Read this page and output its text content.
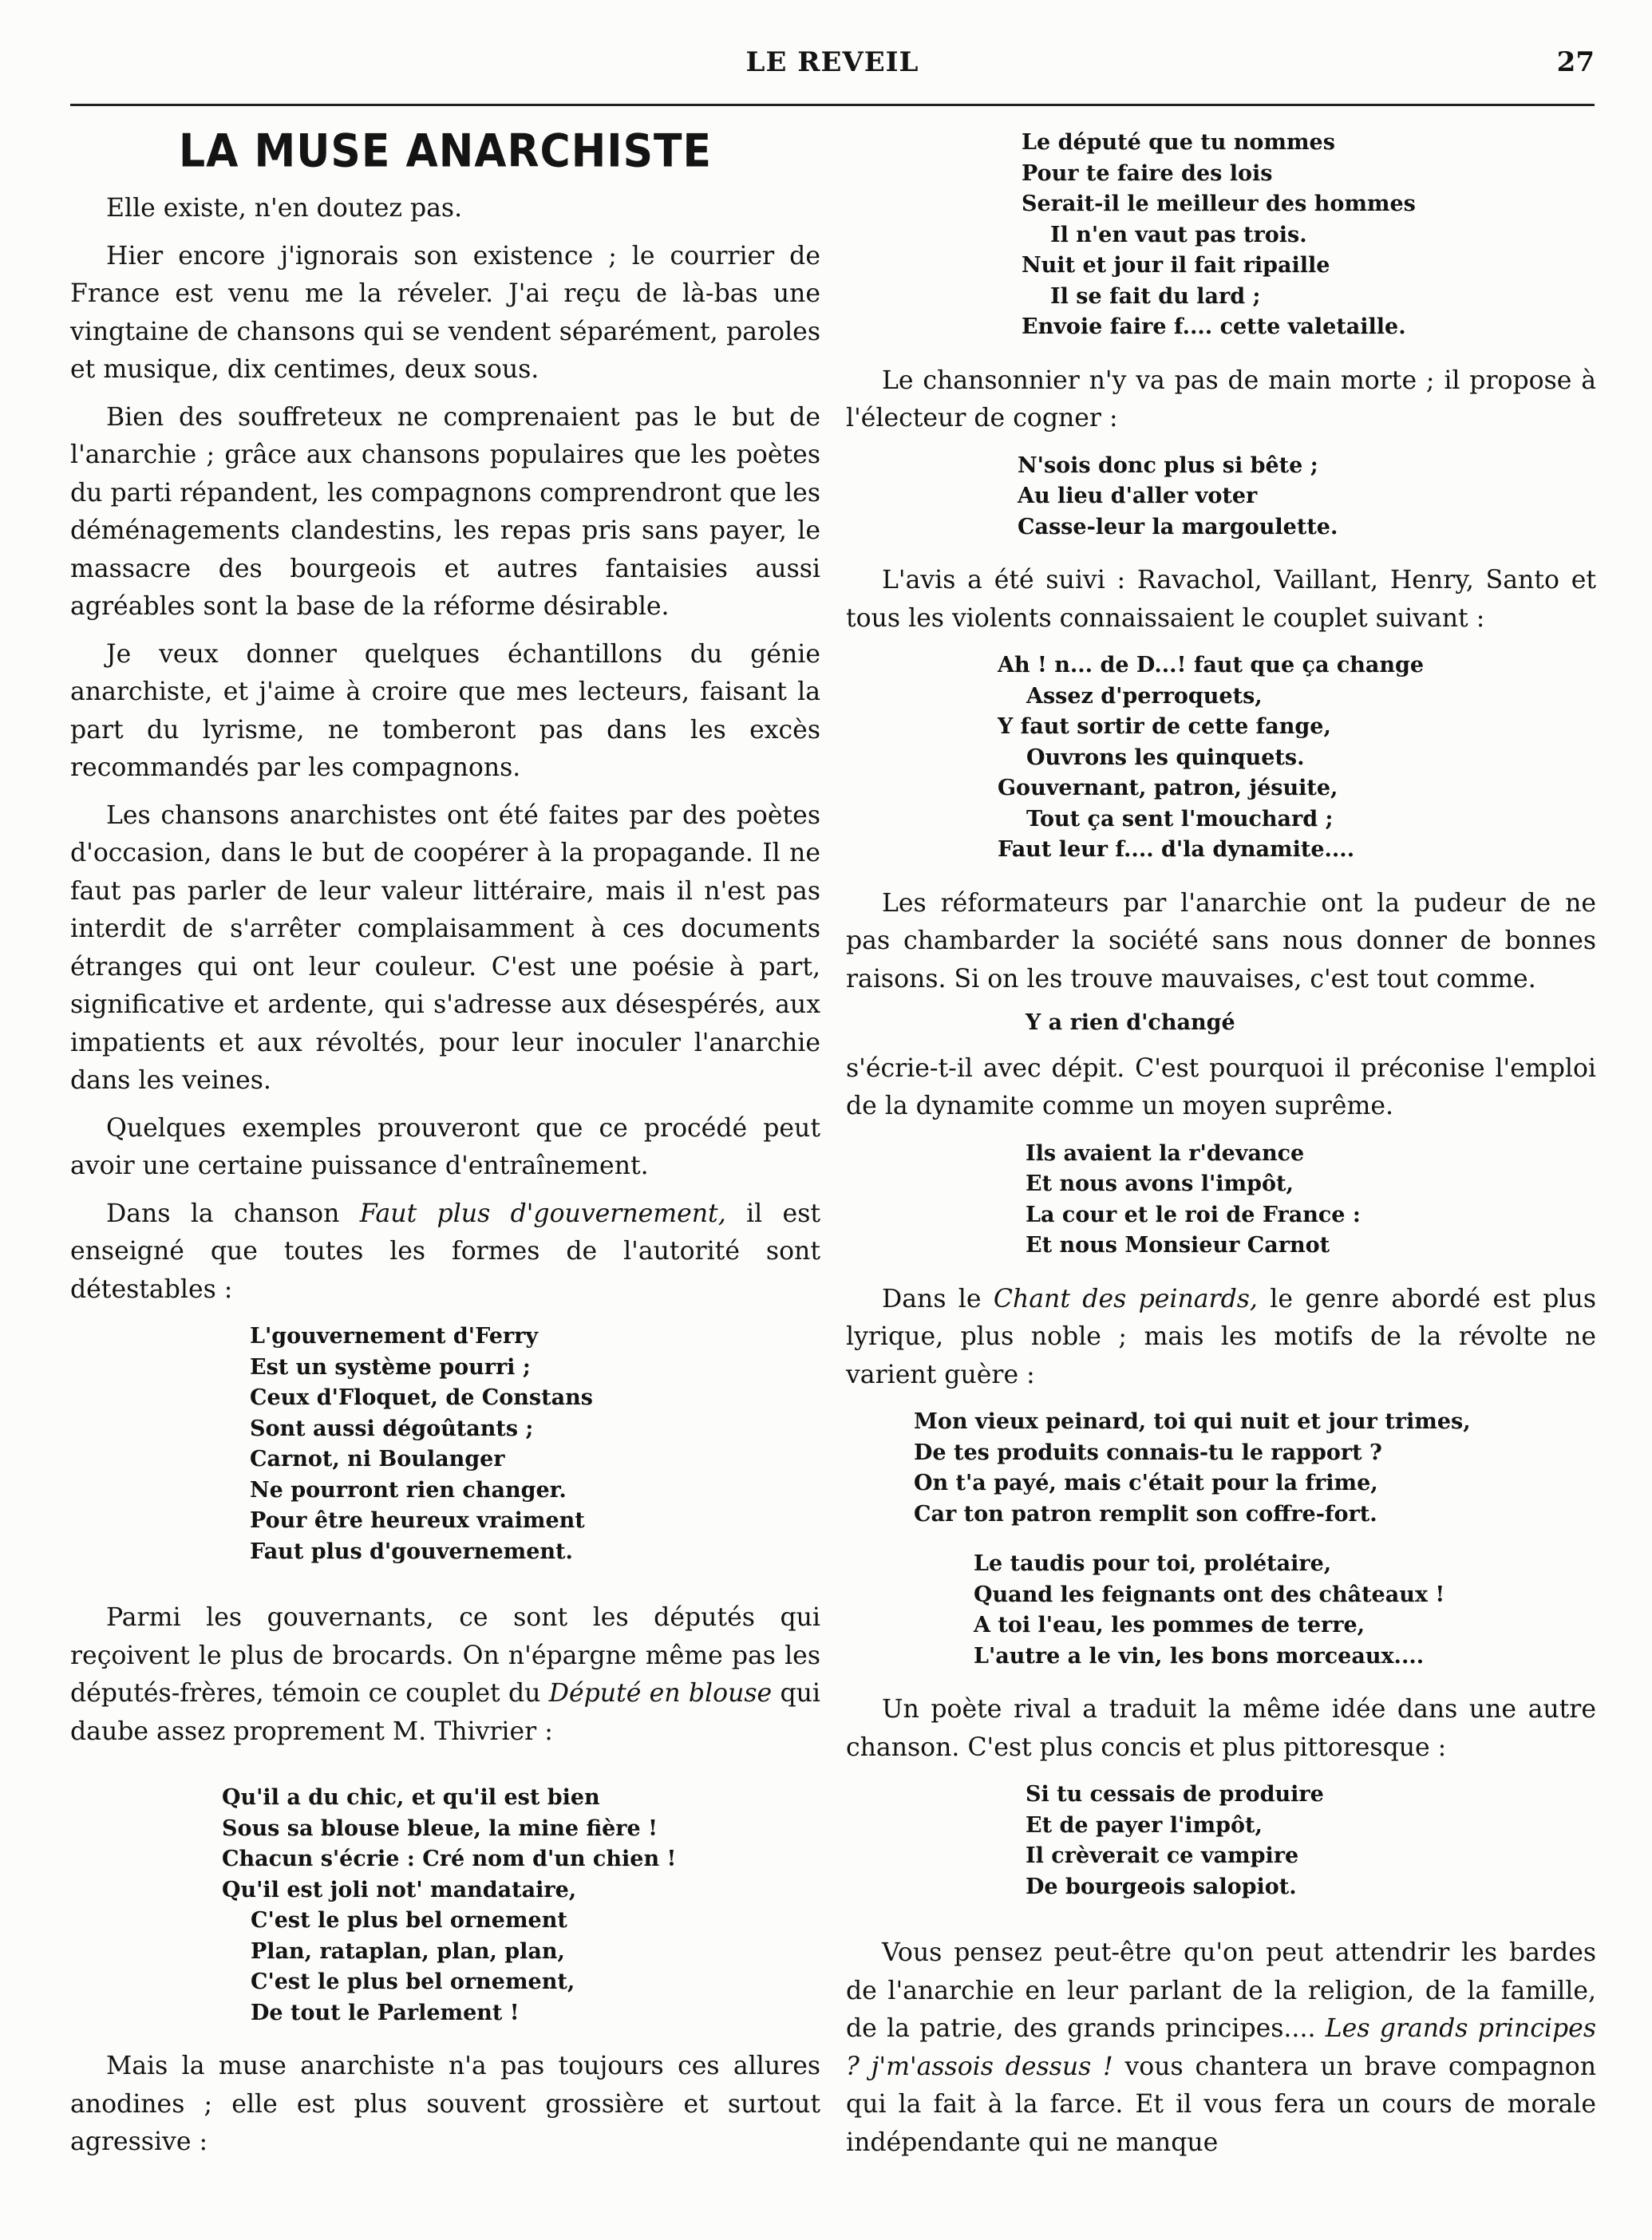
LE REVEIL	27
LA MUSE ANARCHISTE

Elle existe, n'en doutez pas.

Hier encore j'ignorais son existence ; le courrier de France est venu me la réveler. J'ai reçu de là-bas une vingtaine de chansons qui se vendent séparément, paroles et musique, dix centimes, deux sous.

Bien des souffreteux ne comprenaient pas le but de l'anarchie ; grâce aux chansons populaires que les poètes du parti répandent, les compagnons comprendront que les déménagements clandestins, les repas pris sans payer, le massacre des bourgeois et autres fantaisies aussi agréables sont la base de la réforme désirable.

Je veux donner quelques échantillons du génie anarchiste, et j'aime à croire que mes lecteurs, faisant la part du lyrisme, ne tomberont pas dans les excès recommandés par les compagnons.

Les chansons anarchistes ont été faites par des poètes d'occasion, dans le but de coopérer à la propagande. Il ne faut pas parler de leur valeur littéraire, mais il n'est pas interdit de s'arrêter complaisamment à ces documents étranges qui ont leur couleur. C'est une poésie à part, significative et ardente, qui s'adresse aux désespérés, aux impatients et aux révoltés, pour leur inoculer l'anarchie dans les veines.

Quelques exemples prouveront que ce procédé peut avoir une certaine puissance d'entraînement.

Dans la chanson Faut plus d'gouvernement, il est enseigné que toutes les formes de l'autorité sont détestables :

L'gouvernement d'Ferry
Est un système pourri ;
Ceux d'Floquet, de Constans
Sont aussi dégoûtants ;
Carnot, ni Boulanger
Ne pourront rien changer.
Pour être heureux vraiment
Faut plus d'gouvernement.

Parmi les gouvernants, ce sont les députés qui reçoivent le plus de brocards. On n'épargne même pas les députés-frères, témoin ce couplet du Député en blouse qui daube assez proprement M. Thivrier :

Qu'il a du chic, et qu'il est bien
Sous sa blouse bleue, la mine fière !
Chacun s'écrie : Cré nom d'un chien !
Qu'il est joli not' mandataire,
C'est le plus bel ornement
Plan, rataplan, plan, plan,
C'est le plus bel ornement,
De tout le Parlement !

Mais la muse anarchiste n'a pas toujours ces allures anodines ; elle est plus souvent grossière et surtout agressive :

Le député que tu nommes
Pour te faire des lois
Serait-il le meilleur des hommes
Il n'en vaut pas trois.
Nuit et jour il fait ripaille
Il se fait du lard ;
Envoie faire f.... cette valetaille.

Le chansonnier n'y va pas de main morte ; il propose à l'électeur de cogner :

N'sois donc plus si bête ;
Au lieu d'aller voter
Casse-leur la margoulette.

L'avis a été suivi : Ravachol, Vaillant, Henry, Santo et tous les violents connaissaient le couplet suivant :

Ah ! n... de D...! faut que ça change
Assez d'perroquets,
Y faut sortir de cette fange,
Ouvrons les quinquets.
Gouvernant, patron, jésuite,
Tout ça sent l'mouchard ;
Faut leur f.... d'la dynamite....

Les réformateurs par l'anarchie ont la pudeur de ne pas chambarder la société sans nous donner de bonnes raisons. Si on les trouve mauvaises, c'est tout comme.

Y a rien d'changé

s'écrie-t-il avec dépit. C'est pourquoi il préconise l'emploi de la dynamite comme un moyen suprême.

Ils avaient la r'devance
Et nous avons l'impôt,
La cour et le roi de France :
Et nous Monsieur Carnot

Dans le Chant des peinards, le genre abordé est plus lyrique, plus noble ; mais les motifs de la révolte ne varient guère :

Mon vieux peinard, toi qui nuit et jour trimes,
De tes produits connais-tu le rapport ?
On t'a payé, mais c'était pour la frime,
Car ton patron remplit son coffre-fort.
Le taudis pour toi, prolétaire,
Quand les feignants ont des châteaux !
A toi l'eau, les pommes de terre,
L'autre a le vin, les bons morceaux....

Un poète rival a traduit la même idée dans une autre chanson. C'est plus concis et plus pittoresque :

Si tu cessais de produire
Et de payer l'impôt,
Il crèverait ce vampire
De bourgeois salopiot.

Vous pensez peut-être qu'on peut attendrir les bardes de l'anarchie en leur parlant de la religion, de la famille, de la patrie, des grands principes.... Les grands principes ? j'm'assois dessus ! vous chantera un brave compagnon qui la fait à la farce. Et il vous fera un cours de morale indépendante qui ne manque
